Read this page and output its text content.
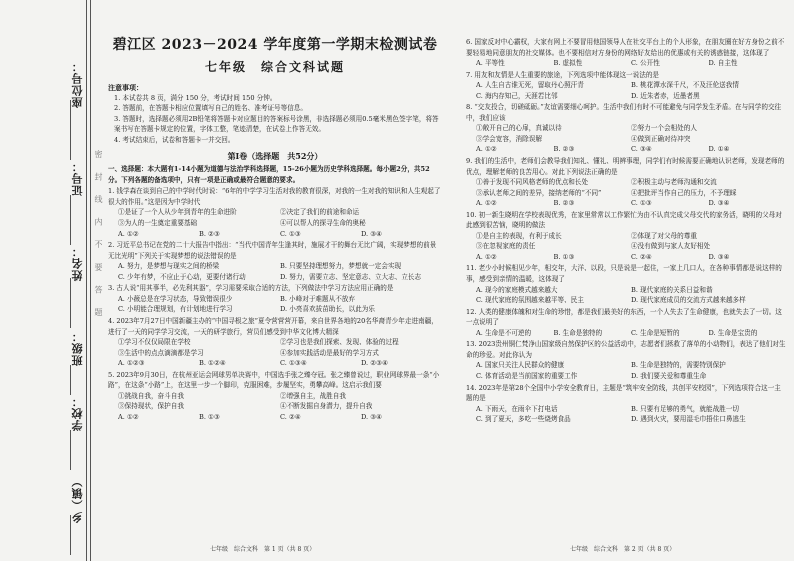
密 封 线 内 不 要 答 题
座位号：
证号：
姓名：
班级：
学校：
乡（镇）
碧江区 2023－2024 学年度第一学期末检测试卷
七年级　综合文科试题
注意事项：

1. 本试卷共 8 页，满分 150 分，考试时间 150 分钟。

2. 答题前，在答题卡相应位置填写自己的姓名、准考证号等信息。

3. 答题时，选择题必须用2B铅笔将答题卡对应题目的答案标号涂黑，非选择题必须用0.5毫米黑色签字笔，将答案书写在答题卡规定的位置，字体工整，笔迹清楚，在试卷上作答无效。

4. 考试结束后，试卷和答题卡一并交回。

第Ⅰ卷（选择题　共52分）
一、选择题：本大题有1-14小题为道德与法治学科选择题，15-26小题为历史学科选择题。每小题2分，共52分。下列各题的备选项中，只有一项是正确或最符合题意的要求。
1. 钱学森在谈到自己的中学时代时说：“6年的中学学习生活对我的教育很深，对我的一生对我的知识和人生观起了很大的作用。”这是因为中学时代
①是证了一个人从少年到青年的生命进阶	②决定了我们的前途和命运
③为人的一生奠定重要基础	④可以帮人的探寻生命的奥秘
A. ①②	B. ②③	C. ①③	D. ③④
2. 习近平总书记在党的二十大报告中指出：“当代中国青年生逢其时，施展才干的舞台无比广阔，实现梦想的前景无比光明”下列关于实现梦想的说法错误的是
A. 努力，是梦想与现实之间的桥梁	B. 只要坚持理想努力，梦想就一定会实现
C. 少年有梦，不应止于心动，更要付诸行动	D. 努力，需要立志、坚定意志、立大志、立长志
3. 古人说“用其事半，必先利其器”，学习需要采取合适的方法，下列做法中学习方法应用正确的是
A. 小薇总是在学习状态，导致错误很少	B. 小峰对于难题从不放弃
C. 小明能合理规划，有计划地进行学习	D. 小亮喜欢拔苗助长，以此为乐
4. 2023年7月27日中国新疆主办的“中国寻根之旅”夏令营营营开幕，来自世界各地的20名华裔青少年走进南疆，进行了一天的同学学习交流，一天的研学旅行，营员们感受到中华文化博大精深
①学习不仅仅局限在学校	②学习也是我们探索、发现、体验的过程
③生活中的点点滴滴都是学习	④参加实践活动是最好的学习方式
A. ①②③	B. ①②④	C. ①③④	D. ②③④
5. 2023年9月30日，在杭州亚运会网球男单决赛中，中国选手张之臻夺冠。张之臻曾说过，职业网球界最一条“小路”，在这条“小路”上，在这里一步一个脚印，克服困难，步履坚实，勇攀高峰。这启示我们要
①挑战自我，奋斗自我	②增强自主，战胜自我
③保持现状，保护自我	④不断发掘自身潜力，提升自我
A. ①②	B. ①③	C. ②④	D. ③④
6. 国家反对中心霸权，大家有网上不要冒用他国领导人在社交平台上的个人形象，在朋友圈在好方身份之前不要轻易地同意朋友的社交媒体。也不要相信对方身份的网络好友给出的优惠或有关的诱惑链接，这体现了
A. 平等性	B. 虚拟性	C. 公开性	D. 自主性
7. 用友和友情是人生重要的旅途，下列选项中能体现这一说法的是
A. 人生自古谁无死，留取丹心照汗青	B. 桃花潭水深千尺，不及汪伦送我情
C. 海内存知己，天涯若比邻	D. 近朱者赤，近墨者黑
8. “交友投合，切磋砥砺。”友谊需要细心呵护。生活中我们有时不可能避免与同学发生矛盾。在与同学的交往中，我们应该
①敞开自己的心扉，真诚以待	②努力一个会相处的人
③学会宽容，消除误解	④做到正确对待冲突
A. ①②	B. ②③	C. ③④	D. ①④
9. 我们的生活中，老师们会教导我们知礼、懂礼、明辨事理，同学们有时候需要正确地认识老师，发现老师的优点，理解老师的良苦用心。对此下列说法正确的是
①善于发现不同风格老师的优点和长处	②积极主动与老师沟通和交流
③承认老师之间的差异，接纳老师的“不同”	④把批评当作自己的压力，不予理睬
A. ①②	B. ②③	C. ①③	D. ③④
10. 初一新生晓明在学校表现优秀，在家里常常以工作繁忙为由不认真完成父母交代的家务活，晓明的父母对此感到很苦恼，晓明的做法
①是自主的表现，有利于成长	②体现了对父母的尊重
③在忽视家庭的责任	④没有做到与家人友好相处
A. ①②	B. ①③	C. ②④	D. ③④
11. 老少小时候相见少年，相交年，大洋、以段，只是说是一起住，一家上几口人，在各种事情都是说这样的事，感受到亲情的温暖，这体现了
A. 现今的家庭模式越来越大	B. 现代家庭的关系日益和谐
C. 现代家庭的氛围越来越平等、民主	D. 现代家庭成员的交流方式越来越多样
12. 人类的健康体魄和对生命的珍惜，都是我们最美好的东西，一个人失去了生命健康，也就失去了一切。这一点说明了
A. 生命是不可逆的	B. 生命是独特的	C. 生命是短暂的	D. 生命是宝贵的
13. 2023贵州铜仁梵净山国家级自然保护区的公益活动中，志愿者们拯救了落单的小动物们，表达了他们对生命的珍爱。对此你认为
A. 国家只关注人民群众的健康	B. 生命是独特的，需要特别保护
C. 体育活动是当前国家的重要工作	D. 我们要关爱和尊重生命
14. 2023年是第28个全国中小学安全教育日，主题是“筑牢安全防线，共创平安校园”，下列选项符合这一主题的是
A. 下雨天，在雨伞下打电话	B. 只要有足够的勇气，就能战胜一切
C. 到了夏天，多吃一些烧烤食品	D. 遇到火灾，要用湿毛巾捂住口鼻逃生
七年级　综合文科　第 1 页（共 8 页）	七年级　综合文科　第 2 页（共 8 页）
